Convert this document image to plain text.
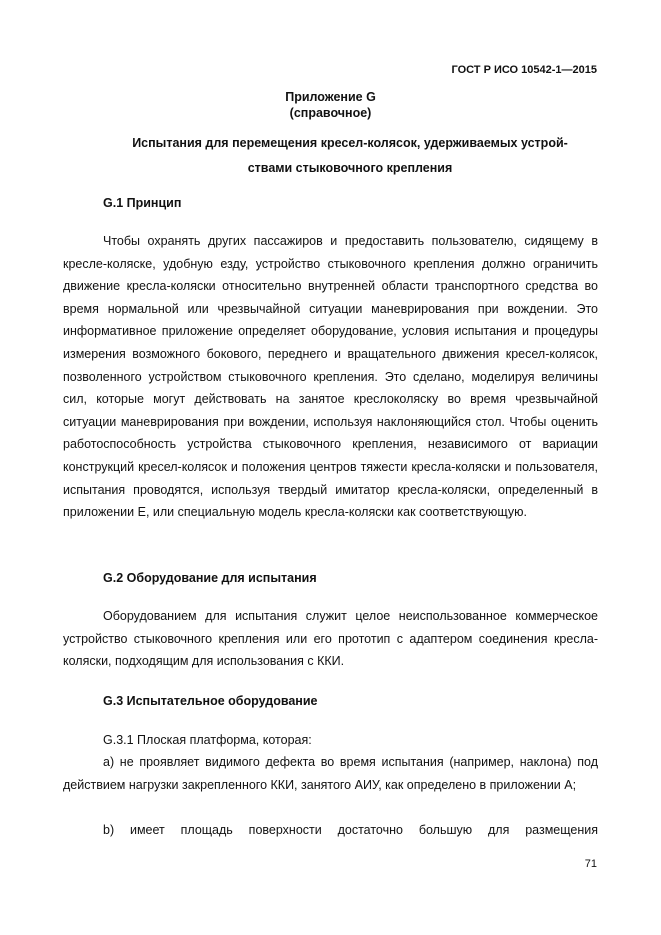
ГОСТ Р ИСО 10542-1—2015
Приложение G
(справочное)
Испытания для перемещения кресел-колясок, удерживаемых устрой-
ствами стыковочного крепления
G.1 Принцип

Чтобы охранять других пассажиров и предоставить пользователю, сидящему в кресле-коляске, удобную езду, устройство стыковочного крепления должно ограничить движение кресла-коляски относительно внутренней области транспортного средства во время нормальной или чрезвычайной ситуации маневрирования при вождении. Это информативное приложение определяет оборудование, условия испытания и процедуры измерения возможного бокового, переднего и вращательного движения кресел-колясок, позволенного устройством стыковочного крепления. Это сделано, моделируя величины сил, которые могут действовать на занятое креслоколяску во время чрезвычайной ситуации маневрирования при вождении, используя наклоняющийся стол. Чтобы оценить работоспособность устройства стыковочного крепления, независимого от вариации конструкций кресел-колясок и положения центров тяжести кресла-коляски и пользователя, испытания проводятся, используя твердый имитатор кресла-коляски, определенный в приложении Е, или специальную модель кресла-коляски как соответствующую.

G.2 Оборудование для испытания

Оборудованием для испытания служит целое неиспользованное коммерческое устройство стыковочного крепления или его прототип с адаптером соединения кресла-коляски, подходящим для использования с ККИ.

G.3 Испытательное оборудование

G.3.1 Плоская платформа, которая:

a) не проявляет видимого дефекта во время испытания (например, наклона) под действием нагрузки закрепленного ККИ, занятого АИУ, как определено в приложении А;

b) имеет площадь поверхности достаточно большую для размещения

71
